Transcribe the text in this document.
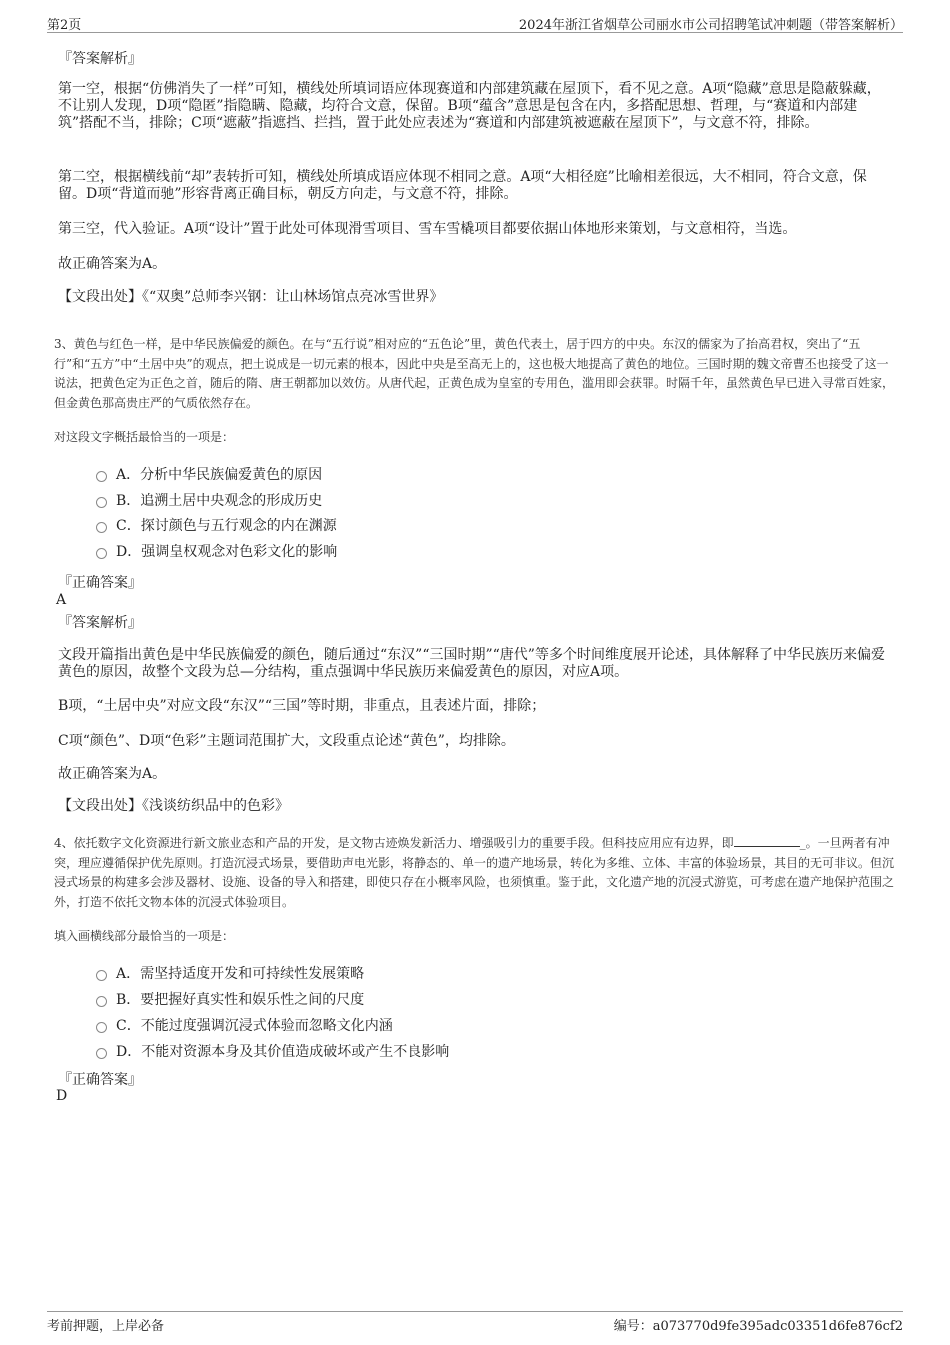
第2页	2024年浙江省烟草公司丽水市公司招聘笔试冲刺题（带答案解析）
『答案解析』
第一空，根据“仿佛消失了一样”可知，横线处所填词语应体现赛道和内部建筑藏在屋顶下，看不见之意。A项“隐藏”意思是隐蔽躲藏，不让别人发现，D项“隐匿”指隐瞒、隐藏，均符合文意，保留。B项“蕴含”意思是包含在内，多搭配思想、哲理，与“赛道和内部建筑”搭配不当，排除；C项“遮蔽”指遮挡、拦挡，置于此处应表述为“赛道和内部建筑被遮蔽在屋顶下”，与文意不符，排除。
第二空，根据横线前“却”表转折可知，横线处所填成语应体现不相同之意。A项“大相径庭”比喻相差很远，大不相同，符合文意，保留。D项“背道而驰”形容背离正确目标，朝反方向走，与文意不符，排除。
第三空，代入验证。A项“设计”置于此处可体现滑雪项目、雪车雪橇项目都要依据山体地形来策划，与文意相符，当选。
故正确答案为A。
【文段出处】《“双奥”总师李兴钢：让山林场馆点亮冰雪世界》
3、黄色与红色一样，是中华民族偏爱的颜色。在与“五行说”相对应的“五色论”里，黄色代表土，居于四方的中央。东汉的儒家为了抬高君权，突出了“五行”和“五方”中“土居中央”的观点，把土说成是一切元素的根本，因此中央是至高无上的，这也极大地提高了黄色的地位。三国时期的魏文帝曹丕也接受了这一说法，把黄色定为正色之首，随后的隋、唐王朝都加以效仿。从唐代起，正黄色成为皇室的专用色，滥用即会获罪。时隔千年，虽然黄色早已进入寻常百姓家，但金黄色那高贵庄严的气质依然存在。
对这段文字概括最恰当的一项是：
A．分析中华民族偏爱黄色的原因
B．追溯土居中央观念的形成历史
C．探讨颜色与五行观念的内在渊源
D．强调皇权观念对色彩文化的影响
『正确答案』
A
『答案解析』
文段开篇指出黄色是中华民族偏爱的颜色，随后通过“东汉”“三国时期”“唐代”等多个时间维度展开论述，具体解释了中华民族历来偏爱黄色的原因，故整个文段为总—分结构，重点强调中华民族历来偏爱黄色的原因，对应A项。
B项，“土居中央”对应文段“东汉”“三国”等时期，非重点，且表述片面，排除；
C项“颜色”、D项“色彩”主题词范围扩大，文段重点论述“黄色”，均排除。
故正确答案为A。
【文段出处】《浅谈纺织品中的色彩》
4、依托数字文化资源进行新文旅业态和产品的开发，是文物古迹焕发新活力、增强吸引力的重要手段。但科技应用应有边界，即	_。一旦两者有冲突，理应遵循保护优先原则。打造沉浸式场景，要借助声电光影，将静态的、单一的遗产地场景，转化为多维、立体、丰富的体验场景，其目的无可非议。但沉浸式场景的构建多会涉及器材、设施、设备的导入和搭建，即使只存在小概率风险，也须慎重。鉴于此，文化遗产地的沉浸式游览，可考虑在遗产地保护范围之外，打造不依托文物本体的沉浸式体验项目。
填入画横线部分最恰当的一项是：
A．需坚持适度开发和可持续性发展策略
B．要把握好真实性和娱乐性之间的尺度
C．不能过度强调沉浸式体验而忽略文化内涵
D．不能对资源本身及其价值造成破坏或产生不良影响
『正确答案』
D
考前押题，上岸必备	编号：a073770d9fe395adc03351d6fe876cf2
